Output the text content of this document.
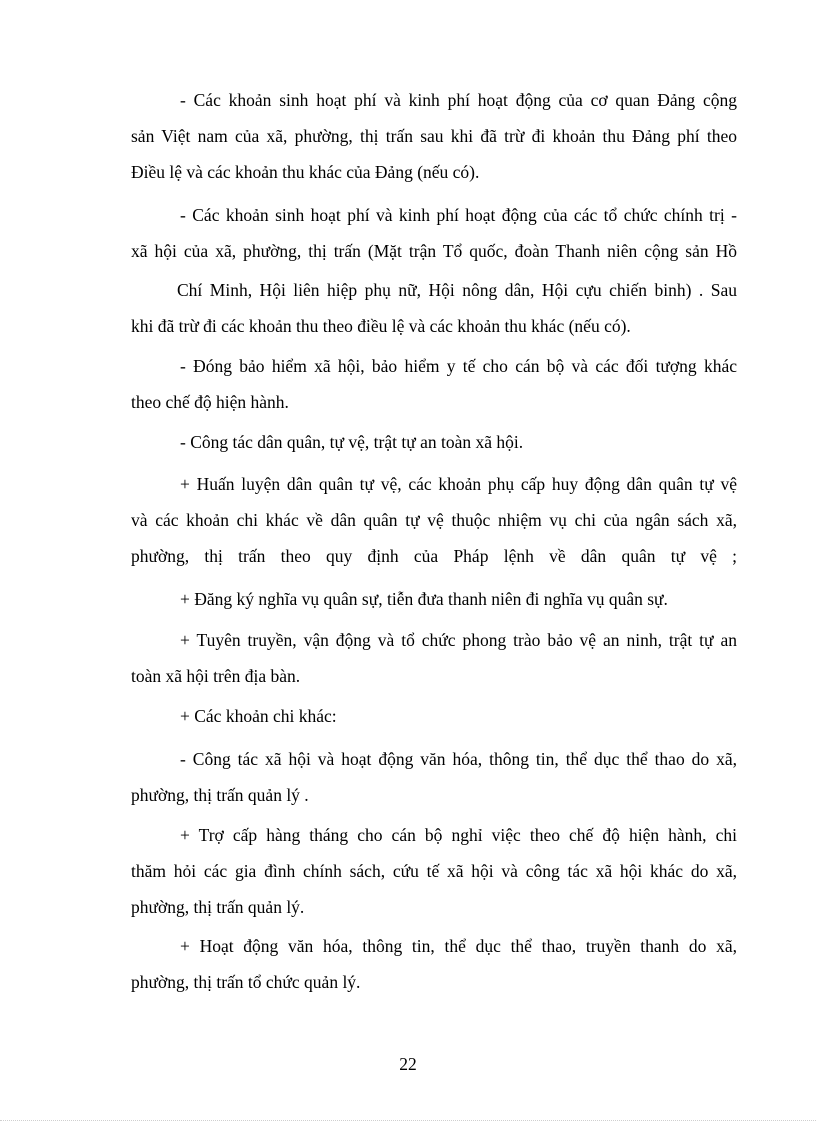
- Các khoản sinh hoạt phí và kinh phí hoạt động của cơ quan Đảng cộng
sản Việt nam của xã, phường, thị trấn sau khi đã trừ đi khoản thu Đảng phí theo
Điều lệ và các khoản thu khác của Đảng (nếu có).

- Các khoản sinh hoạt phí và kinh phí hoạt động của các tổ chức chính trị -
xã hội của xã, phường, thị trấn (Mặt trận Tổ quốc, đoàn Thanh niên cộng sản Hồ

Chí Minh, Hội liên hiệp phụ nữ, Hội nông dân, Hội cựu chiến binh) . Sau
khi đã trừ đi các khoản thu theo điều lệ và các khoản thu khác (nếu có).

- Đóng bảo hiểm xã hội, bảo hiểm y tế cho cán bộ và các đối tượng khác
theo chế độ hiện hành.

- Công tác dân quân, tự vệ, trật tự an toàn xã hội.

+ Huấn luyện dân quân tự vệ, các khoản phụ cấp huy động dân quân tự vệ
và các khoản chi khác về dân quân tự vệ thuộc nhiệm vụ chi của ngân sách xã,
phường, thị trấn theo quy định của Pháp lệnh về dân quân tự vệ ;

+ Đăng ký nghĩa vụ quân sự, tiễn đưa thanh niên đi nghĩa vụ quân sự.

+ Tuyên truyền, vận động và tổ chức phong trào bảo vệ an ninh, trật tự an
toàn xã hội trên địa bàn.

+ Các khoản chi khác:

- Công tác xã hội và hoạt động văn hóa, thông tin, thể dục thể thao do xã,
phường, thị trấn quản lý .

+ Trợ cấp hàng tháng cho cán bộ nghỉ việc theo chế độ hiện hành, chi
thăm hỏi các gia đình chính sách, cứu tế xã hội và công tác xã hội khác do xã,
phường, thị trấn quản lý.

+ Hoạt động văn hóa, thông tin, thể dục thể thao, truyền thanh do xã,
phường, thị trấn tổ chức quản lý.

22
